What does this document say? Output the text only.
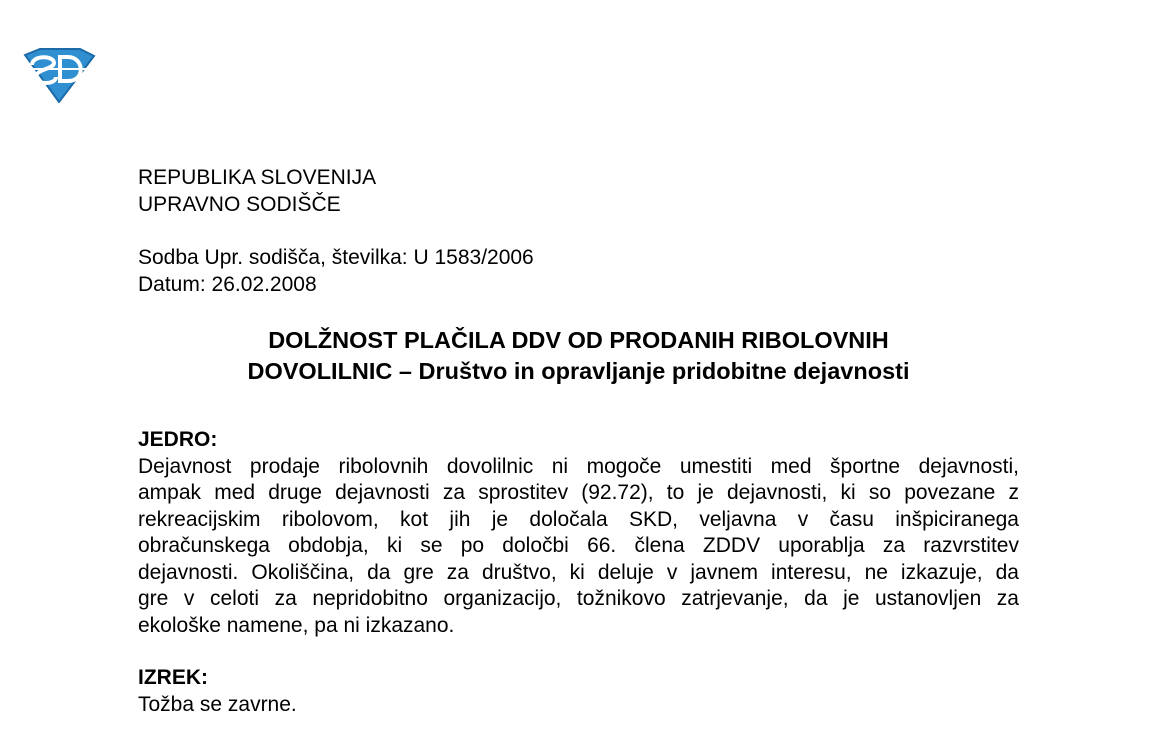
REPUBLIKA SLOVENIJA
UPRAVNO SODIŠČE
Sodba Upr. sodišča, številka: U 1583/2006
Datum: 26.02.2008
DOLŽNOST PLAČILA DDV OD PRODANIH RIBOLOVNIH
DOVOLILNIC – Društvo in opravljanje pridobitne dejavnosti
JEDRO:
Dejavnost prodaje ribolovnih dovolilnic ni mogoče umestiti med športne dejavnosti,
ampak med druge dejavnosti za sprostitev (92.72), to je dejavnosti, ki so povezane z
rekreacijskim ribolovom, kot jih je določala SKD, veljavna v času inšpiciranega
obračunskega obdobja, ki se po določbi 66. člena ZDDV uporablja za razvrstitev
dejavnosti. Okoliščina, da gre za društvo, ki deluje v javnem interesu, ne izkazuje, da
gre v celoti za nepridobitno organizacijo, tožnikovo zatrjevanje, da je ustanovljen za
ekološke namene, pa ni izkazano.
IZREK:
Tožba se zavrne.
